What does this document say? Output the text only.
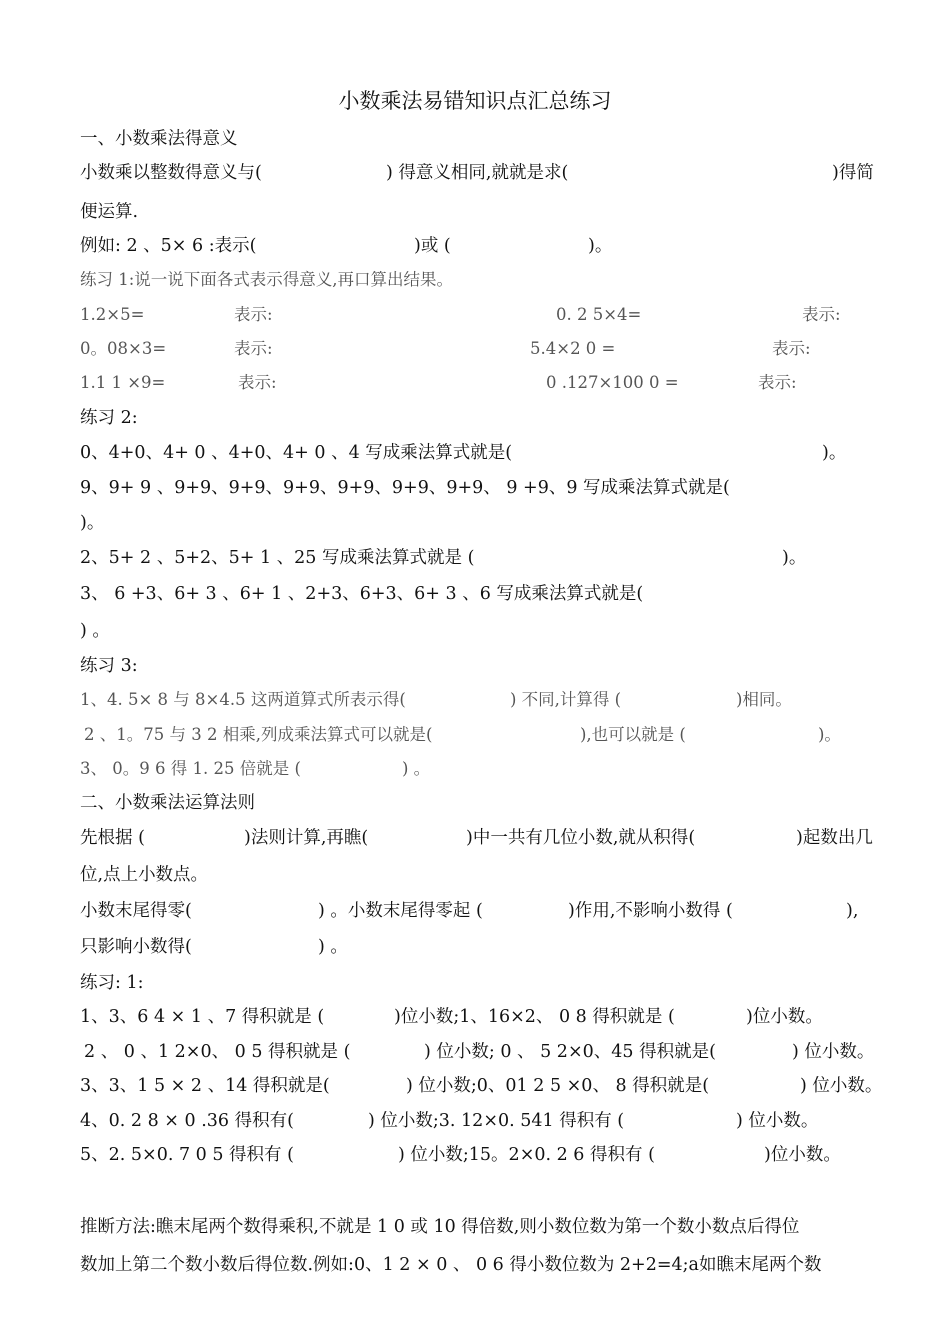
小数乘法易错知识点汇总练习
一、小数乘法得意义
小数乘以整数得意义与(	) 得意义相同,就就是求(	)得简
便运算.
例如: 2 、5× 6 :表示(	)或 (	)。
练习 1:说一说下面各式表示得意义,再口算出结果。
1.2×5=	表示:	0. 2 5×4=	表示:
0。08×3=	表示:	5.4×2 0 =	表示:
1.1 1 ×9=	表示:	0 .127×100 0 =	表示:
练习 2:
0、4+0、4+ 0 、4+0、4+ 0 、4 写成乘法算式就是(	)。
9、9+ 9 、9+9、9+9、9+9、9+9、9+9、9+9、 9 +9、9 写成乘法算式就是(
)。
2、5+ 2 、5+2、5+ 1 、25 写成乘法算式就是 (	)。
3、 6 +3、6+ 3 、6+ 1 、2+3、6+3、6+ 3 、6 写成乘法算式就是(
) 。
练习 3:
1、4. 5× 8 与 8×4.5 这两道算式所表示得(	) 不同,计算得 (	)相同。
2 、1。75 与 3 2 相乘,列成乘法算式可以就是(	),也可以就是 (	)。
3、 0。9 6 得 1. 25 倍就是 (	) 。
二、小数乘法运算法则
先根据 (	)法则计算,再瞧(	)中一共有几位小数,就从积得(	)起数出几
位,点上小数点。
小数末尾得零(	) 。小数末尾得零起 (	)作用,不影响小数得 (	),
只影响小数得(	) 。
练习: 1:
1、3、6 4 × 1 、7 得积就是 (	)位小数;1、16×2、 0 8 得积就是 (	)位小数。
2 、 0 、1 2×0、 0 5 得积就是 (	) 位小数; 0 、 5 2×0、45 得积就是(	) 位小数。
3、3、1 5 × 2 、14 得积就是(	) 位小数;0、01 2 5 ×0、 8 得积就是(	) 位小数。
4、0. 2 8 × 0 .36 得积有(	) 位小数;3. 12×0. 541 得积有 (	) 位小数。
5、2. 5×0. 7 0 5 得积有 (	) 位小数;15。2×0. 2 6 得积有 (	)位小数。
推断方法:瞧末尾两个数得乘积,不就是 1 0 或 10 得倍数,则小数位数为第一个数小数点后得位
数加上第二个数小数后得位数.例如:0、1 2 × 0 、 0 6 得小数位数为 2+2=4;a如瞧末尾两个数
